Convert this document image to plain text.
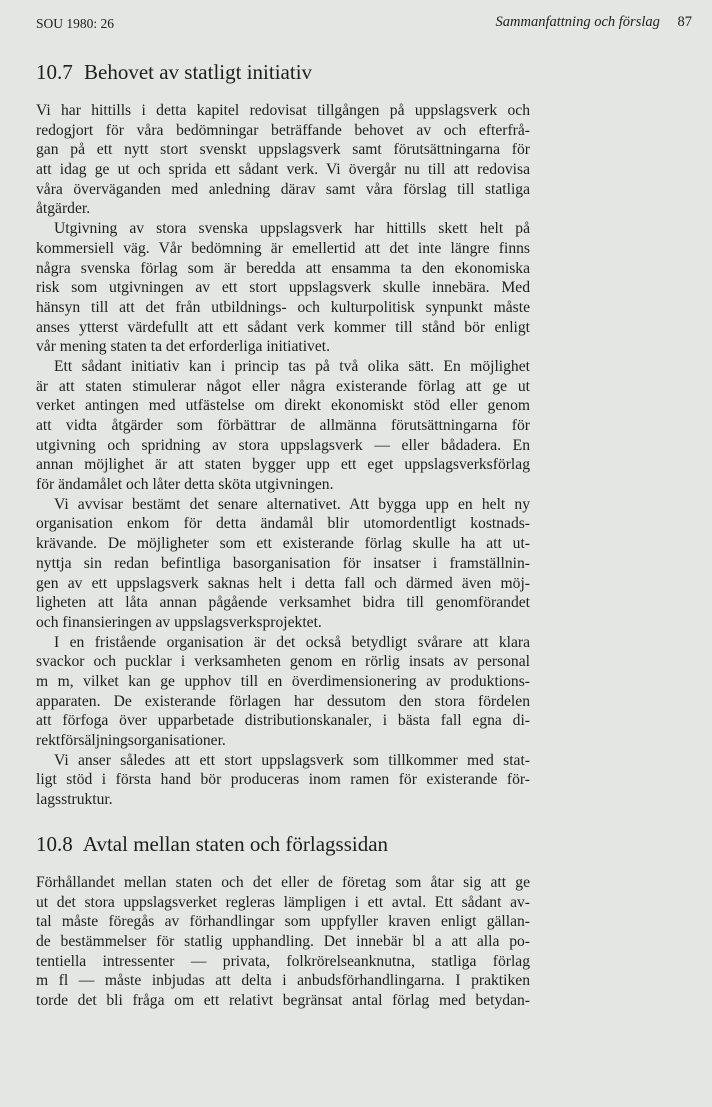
SOU 1980: 26	Sammanfattning och förslag 87
10.7 Behovet av statligt initiativ
Vi har hittills i detta kapitel redovisat tillgången på uppslagsverk och
redogjort för våra bedömningar beträffande behovet av och efterfrå-
gan på ett nytt stort svenskt uppslagsverk samt förutsättningarna för
att idag ge ut och sprida ett sådant verk. Vi övergår nu till att redovisa
våra överväganden med anledning därav samt våra förslag till statliga
åtgärder.
Utgivning av stora svenska uppslagsverk har hittills skett helt på
kommersiell väg. Vår bedömning är emellertid att det inte längre finns
några svenska förlag som är beredda att ensamma ta den ekonomiska
risk som utgivningen av ett stort uppslagsverk skulle innebära. Med
hänsyn till att det från utbildnings- och kulturpolitisk synpunkt måste
anses ytterst värdefullt att ett sådant verk kommer till stånd bör enligt
vår mening staten ta det erforderliga initiativet.
Ett sådant initiativ kan i princip tas på två olika sätt. En möjlighet
är att staten stimulerar något eller några existerande förlag att ge ut
verket antingen med utfästelse om direkt ekonomiskt stöd eller genom
att vidta åtgärder som förbättrar de allmänna förutsättningarna för
utgivning och spridning av stora uppslagsverk — eller bådadera. En
annan möjlighet är att staten bygger upp ett eget uppslagsverksförlag
för ändamålet och låter detta sköta utgivningen.
Vi avvisar bestämt det senare alternativet. Att bygga upp en helt ny
organisation enkom för detta ändamål blir utomordentligt kostnads-
krävande. De möjligheter som ett existerande förlag skulle ha att ut-
nyttja sin redan befintliga basorganisation för insatser i framställnin-
gen av ett uppslagsverk saknas helt i detta fall och därmed även möj-
ligheten att låta annan pågående verksamhet bidra till genomförandet
och finansieringen av uppslagsverksprojektet.
I en fristående organisation är det också betydligt svårare att klara
svackor och pucklar i verksamheten genom en rörlig insats av personal
m m, vilket kan ge upphov till en överdimensionering av produktions-
apparaten. De existerande förlagen har dessutom den stora fördelen
att förfoga över upparbetade distributionskanaler, i bästa fall egna di-
rektförsäljningsorganisationer.
Vi anser således att ett stort uppslagsverk som tillkommer med stat-
ligt stöd i första hand bör produceras inom ramen för existerande för-
lagsstruktur.
10.8 Avtal mellan staten och förlagssidan
Förhållandet mellan staten och det eller de företag som åtar sig att ge
ut det stora uppslagsverket regleras lämpligen i ett avtal. Ett sådant av-
tal måste föregås av förhandlingar som uppfyller kraven enligt gällan-
de bestämmelser för statlig upphandling. Det innebär bl a att alla po-
tentiella intressenter — privata, folkrörelseanknutna, statliga förlag
m fl — måste inbjudas att delta i anbudsförhandlingarna. I praktiken
torde det bli fråga om ett relativt begränsat antal förlag med betydan-
